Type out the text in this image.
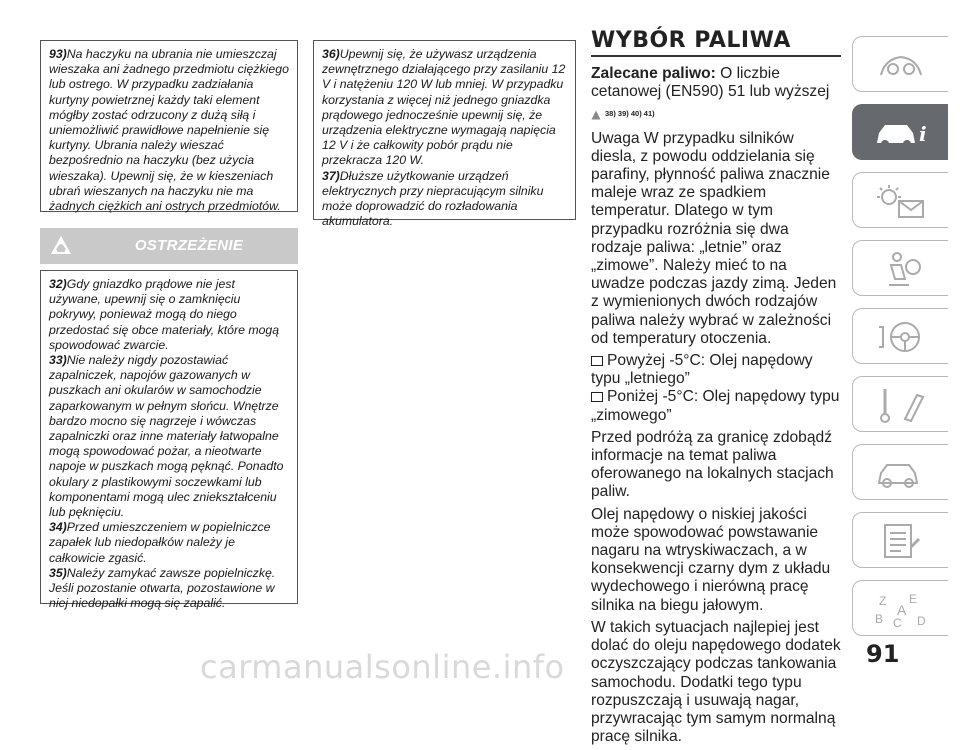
93)Na haczyku na ubrania nie umieszczaj wieszaka ani żadnego przedmiotu ciężkiego lub ostrego. W przypadku zadziałania kurtyny powietrznej każdy taki element mógłby zostać odrzucony z dużą siłą i uniemożliwić prawidłowe napełnienie się kurtyny. Ubrania należy wieszać bezpośrednio na haczyku (bez użycia wieszaka). Upewnij się, że w kieszeniach ubrań wieszanych na haczyku nie ma żadnych ciężkich ani ostrych przedmiotów.

OSTRZEŻENIE

32)Gdy gniazdko prądowe nie jest używane, upewnij się o zamknięciu pokrywy, ponieważ mogą do niego przedostać się obce materiały, które mogą spowodować zwarcie.

33)Nie należy nigdy pozostawiać zapalniczek, napojów gazowanych w puszkach ani okularów w samochodzie zaparkowanym w pełnym słońcu. Wnętrze bardzo mocno się nagrzeje i wówczas zapalniczki oraz inne materiały łatwopalne mogą spowodować pożar, a nieotwarte napoje w puszkach mogą pęknąć. Ponadto okulary z plastikowymi soczewkami lub komponentami mogą ulec zniekształceniu lub pęknięciu.

34)Przed umieszczeniem w popielniczce zapałek lub niedopałków należy je całkowicie zgasić.

35)Należy zamykać zawsze popielniczkę. Jeśli pozostanie otwarta, pozostawione w niej niedopałki mogą się zapalić.

36)Upewnij się, że używasz urządzenia zewnętrznego działającego przy zasilaniu 12 V i natężeniu 120 W lub mniej. W przypadku korzystania z więcej niż jednego gniazdka prądowego jednocześnie upewnij się, że urządzenia elektryczne wymagają napięcia 12 V i że całkowity pobór prądu nie przekracza 120 W.

37)Dłuższe użytkowanie urządzeń elektrycznych przy niepracującym silniku może doprowadzić do rozładowania akumulatora.

WYBÓR PALIWA

Zalecane paliwo: O liczbie cetanowej (EN590) 51 lub wyższej

38) 39) 40) 41)

Uwaga W przypadku silników diesla, z powodu oddzielania się parafiny, płynność paliwa znacznie maleje wraz ze spadkiem temperatur. Dlatego w tym przypadku rozróżnia się dwa rodzaje paliwa: „letnie” oraz „zimowe”. Należy mieć to na uwadze podczas jazdy zimą. Jeden z wymienionych dwóch rodzajów paliwa należy wybrać w zależności od temperatury otoczenia.

Powyżej -5°C: Olej napędowy typu „letniego”

Poniżej -5°C: Olej napędowy typu „zimowego”

Przed podróżą za granicę zdobądź informacje na temat paliwa oferowanego na lokalnych stacjach paliw.

Olej napędowy o niskiej jakości może spowodować powstawanie nagaru na wtryskiwaczach, a w konsekwencji czarny dym z układu wydechowego i nierówną pracę silnika na biegu jałowym.

W takich sytuacjach najlepiej jest dolać do oleju napędowego dodatek oczyszczający podczas tankowania samochodu. Dodatki tego typu rozpuszczają i usuwają nagar, przywracając tym samym normalną pracę silnika.

i
Z E
B C
A
D
91
carmanualsonline.info
